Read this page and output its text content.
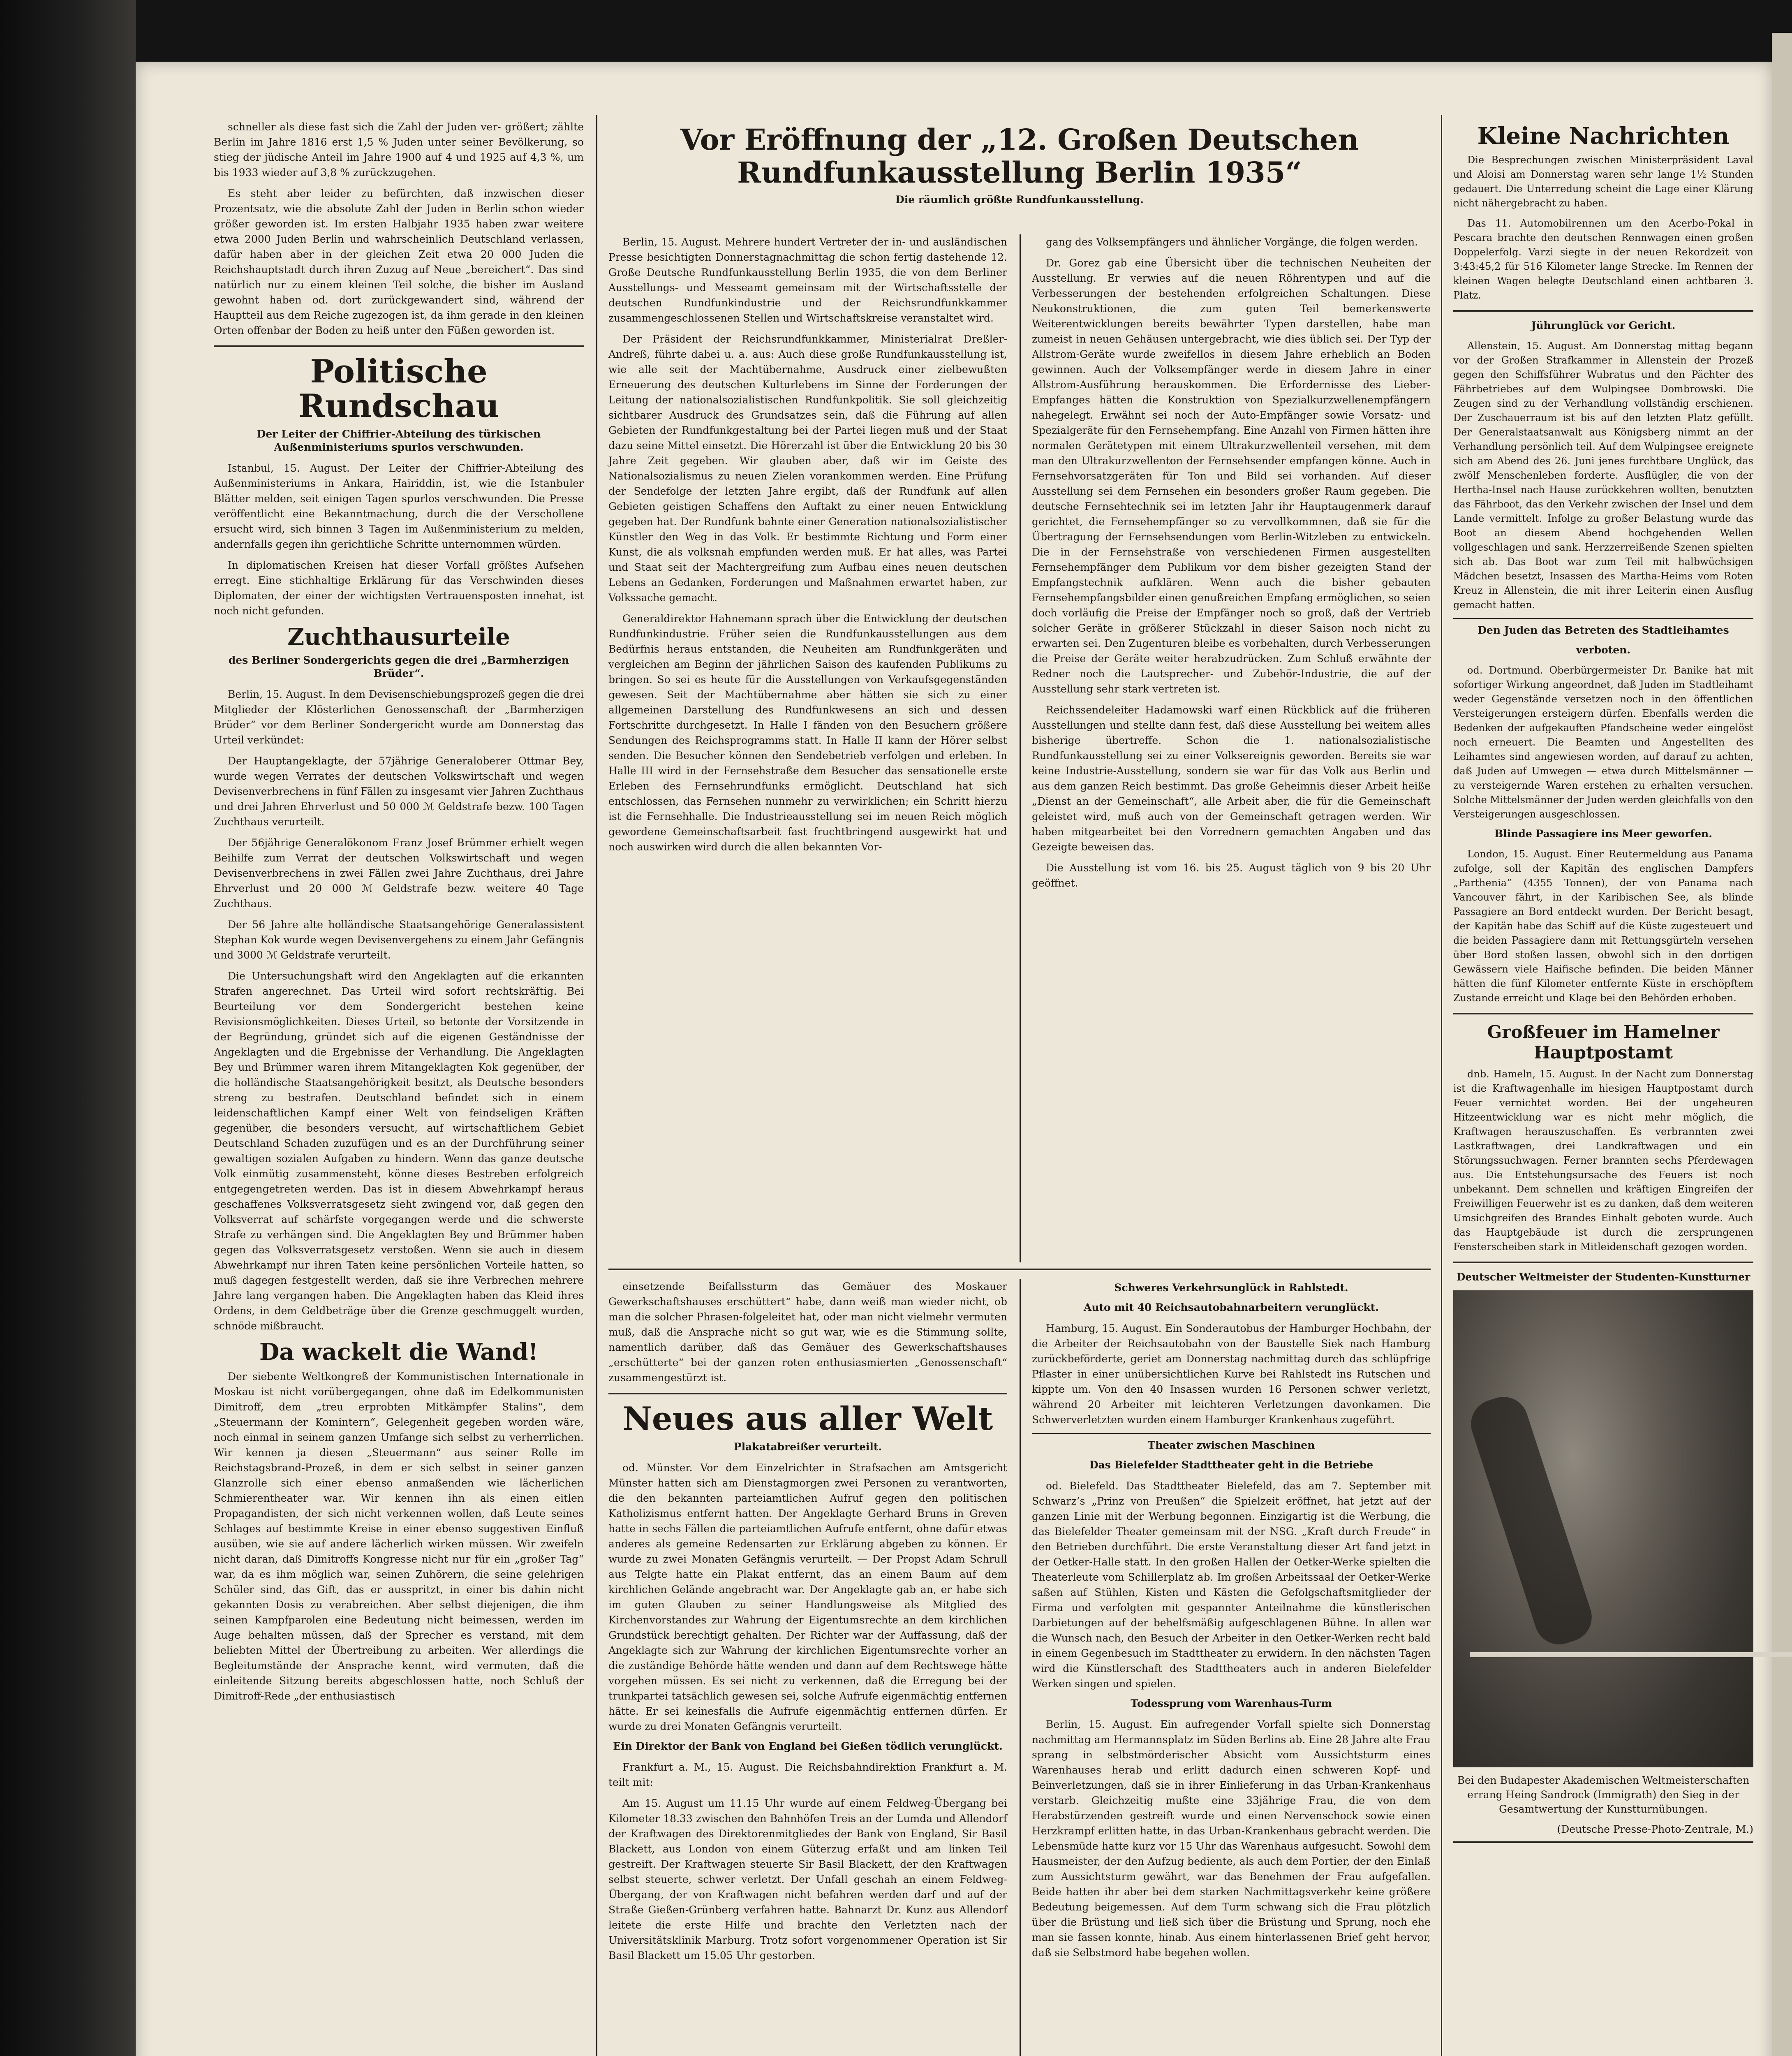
schneller als diese fast sich die Zahl der Juden ver- größert; zählte Berlin im Jahre 1816 erst 1,5 % Juden unter seiner Bevölkerung, so stieg der jüdische Anteil im Jahre 1900 auf 4 und 1925 auf 4,3 %, um bis 1933 wieder auf 3,8 % zurückzugehen.

Es steht aber leider zu befürchten, daß inzwischen dieser Prozentsatz, wie die absolute Zahl der Juden in Berlin schon wieder größer geworden ist. Im ersten Halbjahr 1935 haben zwar weitere etwa 2000 Juden Berlin und wahrscheinlich Deutschland verlassen, dafür haben aber in der gleichen Zeit etwa 20 000 Juden die Reichshauptstadt durch ihren Zuzug auf Neue „bereichert“. Das sind natürlich nur zu einem kleinen Teil solche, die bisher im Ausland gewohnt haben od. dort zurückgewandert sind, während der Hauptteil aus dem Reiche zugezogen ist, da ihm gerade in den kleinen Orten offenbar der Boden zu heiß unter den Füßen geworden ist.

Politische Rundschau
Der Leiter der Chiffrier-Abteilung des türkischen Außenministeriums spurlos verschwunden.

Istanbul, 15. August. Der Leiter der Chiffrier-Abteilung des Außenministeriums in Ankara, Hairiddin, ist, wie die Istanbuler Blätter melden, seit einigen Tagen spurlos verschwunden. Die Presse veröffentlicht eine Bekanntmachung, durch die der Verschollene ersucht wird, sich binnen 3 Tagen im Außenministerium zu melden, andernfalls gegen ihn gerichtliche Schritte unternommen würden.

In diplomatischen Kreisen hat dieser Vorfall größtes Aufsehen erregt. Eine stichhaltige Erklärung für das Verschwinden dieses Diplomaten, der einer der wichtigsten Vertrauensposten innehat, ist noch nicht gefunden.

Zuchthausurteile
des Berliner Sondergerichts gegen die drei „Barmherzigen Brüder“.

Berlin, 15. August. In dem Devisenschiebungsprozeß gegen die drei Mitglieder der Klösterlichen Genossenschaft der „Barmherzigen Brüder“ vor dem Berliner Sondergericht wurde am Donnerstag das Urteil verkündet:

Der Hauptangeklagte, der 57jährige Generaloberer Ottmar Bey, wurde wegen Verrates der deutschen Volkswirtschaft und wegen Devisenverbrechens in fünf Fällen zu insgesamt vier Jahren Zuchthaus und drei Jahren Ehrverlust und 50 000 ℳ Geldstrafe bezw. 100 Tagen Zuchthaus verurteilt.

Der 56jährige Generalökonom Franz Josef Brümmer erhielt wegen Beihilfe zum Verrat der deutschen Volkswirtschaft und wegen Devisenverbrechens in zwei Fällen zwei Jahre Zuchthaus, drei Jahre Ehrverlust und 20 000 ℳ Geldstrafe bezw. weitere 40 Tage Zuchthaus.

Der 56 Jahre alte holländische Staatsangehörige Generalassistent Stephan Kok wurde wegen Devisenvergehens zu einem Jahr Gefängnis und 3000 ℳ Geldstrafe verurteilt.

Die Untersuchungshaft wird den Angeklagten auf die erkannten Strafen angerechnet. Das Urteil wird sofort rechtskräftig. Bei Beurteilung vor dem Sondergericht bestehen keine Revisionsmöglichkeiten. Dieses Urteil, so betonte der Vorsitzende in der Begründung, gründet sich auf die eigenen Geständnisse der Angeklagten und die Ergebnisse der Verhandlung. Die Angeklagten Bey und Brümmer waren ihrem Mitangeklagten Kok gegenüber, der die holländische Staatsangehörigkeit besitzt, als Deutsche besonders streng zu bestrafen. Deutschland befindet sich in einem leidenschaftlichen Kampf einer Welt von feindseligen Kräften gegenüber, die besonders versucht, auf wirtschaftlichem Gebiet Deutschland Schaden zuzufügen und es an der Durchführung seiner gewaltigen sozialen Aufgaben zu hindern. Wenn das ganze deutsche Volk einmütig zusammensteht, könne dieses Bestreben erfolgreich entgegengetreten werden. Das ist in diesem Abwehrkampf heraus geschaffenes Volksverratsgesetz sieht zwingend vor, daß gegen den Volksverrat auf schärfste vorgegangen werde und die schwerste Strafe zu verhängen sind. Die Angeklagten Bey und Brümmer haben gegen das Volksverratsgesetz verstoßen. Wenn sie auch in diesem Abwehrkampf nur ihren Taten keine persönlichen Vorteile hatten, so muß dagegen festgestellt werden, daß sie ihre Verbrechen mehrere Jahre lang vergangen haben. Die Angeklagten haben das Kleid ihres Ordens, in dem Geldbeträge über die Grenze geschmuggelt wurden, schnöde mißbraucht.

Da wackelt die Wand!

Der siebente Weltkongreß der Kommunistischen Internationale in Moskau ist nicht vorübergegangen, ohne daß im Edelkommunisten Dimitroff, dem „treu erprobten Mitkämpfer Stalins“, dem „Steuermann der Komintern“, Gelegenheit gegeben worden wäre, noch einmal in seinem ganzen Umfange sich selbst zu verherrlichen. Wir kennen ja diesen „Steuermann“ aus seiner Rolle im Reichstagsbrand-Prozeß, in dem er sich selbst in seiner ganzen Glanzrolle sich einer ebenso anmaßenden wie lächerlichen Schmierentheater war. Wir kennen ihn als einen eitlen Propagandisten, der sich nicht verkennen wollen, daß Leute seines Schlages auf bestimmte Kreise in einer ebenso suggestiven Einfluß ausüben, wie sie auf andere lächerlich wirken müssen. Wir zweifeln nicht daran, daß Dimitroffs Kongresse nicht nur für ein „großer Tag“ war, da es ihm möglich war, seinen Zuhörern, die seine gelehrigen Schüler sind, das Gift, das er ausspritzt, in einer bis dahin nicht gekannten Dosis zu verabreichen. Aber selbst diejenigen, die ihm seinen Kampfparolen eine Bedeutung nicht beimessen, werden im Auge behalten müssen, daß der Sprecher es verstand, mit dem beliebten Mittel der Übertreibung zu arbeiten. Wer allerdings die Begleitumstände der Ansprache kennt, wird vermuten, daß die einleitende Sitzung bereits abgeschlossen hatte, noch Schluß der Dimitroff-Rede „der enthusiastisch

Vor Eröffnung der „12. Großen Deutschen Rundfunkausstellung Berlin 1935“
Die räumlich größte Rundfunkausstellung.

Berlin, 15. August. Mehrere hundert Vertreter der in- und ausländischen Presse besichtigten Donnerstagnachmittag die schon fertig dastehende 12. Große Deutsche Rundfunkausstellung Berlin 1935, die von dem Berliner Ausstellungs- und Messeamt gemeinsam mit der Wirtschaftsstelle der deutschen Rundfunkindustrie und der Reichsrundfunkkammer zusammengeschlossenen Stellen und Wirtschaftskreise veranstaltet wird.

Der Präsident der Reichsrundfunkkammer, Ministerialrat Dreßler-Andreß, führte dabei u. a. aus: Auch diese große Rundfunkausstellung ist, wie alle seit der Machtübernahme, Ausdruck einer zielbewußten Erneuerung des deutschen Kulturlebens im Sinne der Forderungen der Leitung der nationalsozialistischen Rundfunkpolitik. Sie soll gleichzeitig sichtbarer Ausdruck des Grundsatzes sein, daß die Führung auf allen Gebieten der Rundfunkgestaltung bei der Partei liegen muß und der Staat dazu seine Mittel einsetzt. Die Hörerzahl ist über die Entwicklung 20 bis 30 Jahre Zeit gegeben. Wir glauben aber, daß wir im Geiste des Nationalsozialismus zu neuen Zielen vorankommen werden. Eine Prüfung der Sendefolge der letzten Jahre ergibt, daß der Rundfunk auf allen Gebieten geistigen Schaffens den Auftakt zu einer neuen Entwicklung gegeben hat. Der Rundfunk bahnte einer Generation nationalsozialistischer Künstler den Weg in das Volk. Er bestimmte Richtung und Form einer Kunst, die als volksnah empfunden werden muß. Er hat alles, was Partei und Staat seit der Machtergreifung zum Aufbau eines neuen deutschen Lebens an Gedanken, Forderungen und Maßnahmen erwartet haben, zur Volkssache gemacht.

Generaldirektor Hahnemann sprach über die Entwicklung der deutschen Rundfunkindustrie. Früher seien die Rundfunkausstellungen aus dem Bedürfnis heraus entstanden, die Neuheiten am Rundfunkgeräten und vergleichen am Beginn der jährlichen Saison des kaufenden Publikums zu bringen. So sei es heute für die Ausstellungen von Verkaufsgegenständen gewesen. Seit der Machtübernahme aber hätten sie sich zu einer allgemeinen Darstellung des Rundfunkwesens an sich und dessen Fortschritte durchgesetzt. In Halle I fänden von den Besuchern größere Sendungen des Reichsprogramms statt. In Halle II kann der Hörer selbst senden. Die Besucher können den Sendebetrieb verfolgen und erleben. In Halle III wird in der Fernsehstraße dem Besucher das sensationelle erste Erleben des Fernsehrundfunks ermöglicht. Deutschland hat sich entschlossen, das Fernsehen nunmehr zu verwirklichen; ein Schritt hierzu ist die Fernsehhalle. Die Industrieausstellung sei im neuen Reich möglich gewordene Gemeinschaftsarbeit fast fruchtbringend ausgewirkt hat und noch auswirken wird durch die allen bekannten Vor-

gang des Volksempfängers und ähnlicher Vorgänge, die folgen werden.

Dr. Gorez gab eine Übersicht über die technischen Neuheiten der Ausstellung. Er verwies auf die neuen Röhrentypen und auf die Verbesserungen der bestehenden erfolgreichen Schaltungen. Diese Neukonstruktionen, die zum guten Teil bemerkenswerte Weiterentwicklungen bereits bewährter Typen darstellen, habe man zumeist in neuen Gehäusen untergebracht, wie dies üblich sei. Der Typ der Allstrom-Geräte wurde zweifellos in diesem Jahre erheblich an Boden gewinnen. Auch der Volksempfänger werde in diesem Jahre in einer Allstrom-Ausführung herauskommen. Die Erfordernisse des Lieber-Empfanges hätten die Konstruktion von Spezialkurzwellenempfängern nahegelegt. Erwähnt sei noch der Auto-Empfänger sowie Vorsatz- und Spezialgeräte für den Fernsehempfang. Eine Anzahl von Firmen hätten ihre normalen Gerätetypen mit einem Ultrakurzwellenteil versehen, mit dem man den Ultrakurzwellenton der Fernsehsender empfangen könne. Auch in Fernsehvorsatzgeräten für Ton und Bild sei vorhanden. Auf dieser Ausstellung sei dem Fernsehen ein besonders großer Raum gegeben. Die deutsche Fernsehtechnik sei im letzten Jahr ihr Hauptaugenmerk darauf gerichtet, die Fernsehempfänger so zu vervollkommnen, daß sie für die Übertragung der Fernsehsendungen vom Berlin-Witzleben zu entwickeln. Die in der Fernsehstraße von verschiedenen Firmen ausgestellten Fernsehempfänger dem Publikum vor dem bisher gezeigten Stand der Empfangstechnik aufklären. Wenn auch die bisher gebauten Fernsehempfangsbilder einen genußreichen Empfang ermöglichen, so seien doch vorläufig die Preise der Empfänger noch so groß, daß der Vertrieb solcher Geräte in größerer Stückzahl in dieser Saison noch nicht zu erwarten sei. Den Zugenturen bleibe es vorbehalten, durch Verbesserungen die Preise der Geräte weiter herabzudrücken. Zum Schluß erwähnte der Redner noch die Lautsprecher- und Zubehör-Industrie, die auf der Ausstellung sehr stark vertreten ist.

Reichssendeleiter Hadamowski warf einen Rückblick auf die früheren Ausstellungen und stellte dann fest, daß diese Ausstellung bei weitem alles bisherige übertreffe. Schon die 1. nationalsozialistische Rundfunkausstellung sei zu einer Volksereignis geworden. Bereits sie war keine Industrie-Ausstellung, sondern sie war für das Volk aus Berlin und aus dem ganzen Reich bestimmt. Das große Geheimnis dieser Arbeit heiße „Dienst an der Gemeinschaft“, alle Arbeit aber, die für die Gemeinschaft geleistet wird, muß auch von der Gemeinschaft getragen werden. Wir haben mitgearbeitet bei den Vorrednern gemachten Angaben und das Gezeigte beweisen das.

Die Ausstellung ist vom 16. bis 25. August täglich von 9 bis 20 Uhr geöffnet.

einsetzende Beifallssturm das Gemäuer des Moskauer Gewerkschaftshauses erschüttert“ habe, dann weiß man wieder nicht, ob man die solcher Phrasen-folgeleitet hat, oder man nicht vielmehr vermuten muß, daß die Ansprache nicht so gut war, wie es die Stimmung sollte, namentlich darüber, daß das Gemäuer des Gewerkschaftshauses „erschütterte“ bei der ganzen roten enthusiasmierten „Genossenschaft“ zusammengestürzt ist.

Neues aus aller Welt
Plakatabreißer verurteilt.

od. Münster. Vor dem Einzelrichter in Strafsachen am Amtsgericht Münster hatten sich am Dienstagmorgen zwei Personen zu verantworten, die den bekannten parteiamtlichen Aufruf gegen den politischen Katholizismus entfernt hatten. Der Angeklagte Gerhard Bruns in Greven hatte in sechs Fällen die parteiamtlichen Aufrufe entfernt, ohne dafür etwas anderes als gemeine Redensarten zur Erklärung abgeben zu können. Er wurde zu zwei Monaten Gefängnis verurteilt. — Der Propst Adam Schrull aus Telgte hatte ein Plakat entfernt, das an einem Baum auf dem kirchlichen Gelände angebracht war. Der Angeklagte gab an, er habe sich im guten Glauben zu seiner Handlungsweise als Mitglied des Kirchenvorstandes zur Wahrung der Eigentumsrechte an dem kirchlichen Grundstück berechtigt gehalten. Der Richter war der Auffassung, daß der Angeklagte sich zur Wahrung der kirchlichen Eigentumsrechte vorher an die zuständige Behörde hätte wenden und dann auf dem Rechtswege hätte vorgehen müssen. Es sei nicht zu verkennen, daß die Erregung bei der trunkpartei tatsächlich gewesen sei, solche Aufrufe eigenmächtig entfernen hätte. Er sei keinesfalls die Aufrufe eigenmächtig entfernen dürfen. Er wurde zu drei Monaten Gefängnis verurteilt.

Ein Direktor der Bank von England bei Gießen tödlich verunglückt.

Frankfurt a. M., 15. August. Die Reichsbahndirektion Frankfurt a. M. teilt mit:

Am 15. August um 11.15 Uhr wurde auf einem Feldweg-Übergang bei Kilometer 18.33 zwischen den Bahnhöfen Treis an der Lumda und Allendorf der Kraftwagen des Direktorenmitgliedes der Bank von England, Sir Basil Blackett, aus London von einem Güterzug erfaßt und am linken Teil gestreift. Der Kraftwagen steuerte Sir Basil Blackett, der den Kraftwagen selbst steuerte, schwer verletzt. Der Unfall geschah an einem Feldweg-Übergang, der von Kraftwagen nicht befahren werden darf und auf der Straße Gießen-Grünberg verfahren hatte. Bahnarzt Dr. Kunz aus Allendorf leitete die erste Hilfe und brachte den Verletzten nach der Universitätsklinik Marburg. Trotz sofort vorgenommener Operation ist Sir Basil Blackett um 15.05 Uhr gestorben.

Schweres Verkehrsunglück in Rahlstedt.
Auto mit 40 Reichsautobahnarbeitern verunglückt.

Hamburg, 15. August. Ein Sonderautobus der Hamburger Hochbahn, der die Arbeiter der Reichsautobahn von der Baustelle Siek nach Hamburg zurückbeförderte, geriet am Donnerstag nachmittag durch das schlüpfrige Pflaster in einer unübersichtlichen Kurve bei Rahlstedt ins Rutschen und kippte um. Von den 40 Insassen wurden 16 Personen schwer verletzt, während 20 Arbeiter mit leichteren Verletzungen davonkamen. Die Schwerverletzten wurden einem Hamburger Krankenhaus zugeführt.

Theater zwischen Maschinen
Das Bielefelder Stadttheater geht in die Betriebe

od. Bielefeld. Das Stadttheater Bielefeld, das am 7. September mit Schwarz’s „Prinz von Preußen“ die Spielzeit eröffnet, hat jetzt auf der ganzen Linie mit der Werbung begonnen. Einzigartig ist die Werbung, die das Bielefelder Theater gemeinsam mit der NSG. „Kraft durch Freude“ in den Betrieben durchführt. Die erste Veranstaltung dieser Art fand jetzt in der Oetker-Halle statt. In den großen Hallen der Oetker-Werke spielten die Theaterleute vom Schillerplatz ab. Im großen Arbeitssaal der Oetker-Werke saßen auf Stühlen, Kisten und Kästen die Gefolgschaftsmitglieder der Firma und verfolgten mit gespannter Anteilnahme die künstlerischen Darbietungen auf der behelfsmäßig aufgeschlagenen Bühne. In allen war die Wunsch nach, den Besuch der Arbeiter in den Oetker-Werken recht bald in einem Gegenbesuch im Stadttheater zu erwidern. In den nächsten Tagen wird die Künstlerschaft des Stadttheaters auch in anderen Bielefelder Werken singen und spielen.

Todessprung vom Warenhaus-Turm

Berlin, 15. August. Ein aufregender Vorfall spielte sich Donnerstag nachmittag am Hermannsplatz im Süden Berlins ab. Eine 28 Jahre alte Frau sprang in selbstmörderischer Absicht vom Aussichtsturm eines Warenhauses herab und erlitt dadurch einen schweren Kopf- und Beinverletzungen, daß sie in ihrer Einlieferung in das Urban-Krankenhaus verstarb. Gleichzeitig mußte eine 33jährige Frau, die von dem Herabstürzenden gestreift wurde und einen Nervenschock sowie einen Herzkrampf erlitten hatte, in das Urban-Krankenhaus gebracht werden. Die Lebensmüde hatte kurz vor 15 Uhr das Warenhaus aufgesucht. Sowohl dem Hausmeister, der den Aufzug bediente, als auch dem Portier, der den Einlaß zum Aussichtsturm gewährt, war das Benehmen der Frau aufgefallen. Beide hatten ihr aber bei dem starken Nachmittagsverkehr keine größere Bedeutung beigemessen. Auf dem Turm schwang sich die Frau plötzlich über die Brüstung und ließ sich über die Brüstung und Sprung, noch ehe man sie fassen konnte, hinab. Aus einem hinterlassenen Brief geht hervor, daß sie Selbstmord habe begehen wollen.

Kleine Nachrichten

Die Besprechungen zwischen Ministerpräsident Laval und Aloisi am Donnerstag waren sehr lange 1½ Stunden gedauert. Die Unterredung scheint die Lage einer Klärung nicht nähergebracht zu haben.

Das 11. Automobilrennen um den Acerbo-Pokal in Pescara brachte den deutschen Rennwagen einen großen Doppelerfolg. Varzi siegte in der neuen Rekordzeit von 3:43:45,2 für 516 Kilometer lange Strecke. Im Rennen der kleinen Wagen belegte Deutschland einen achtbaren 3. Platz.

Jührunglück vor Gericht.

Allenstein, 15. August. Am Donnerstag mittag begann vor der Großen Strafkammer in Allenstein der Prozeß gegen den Schiffsführer Wubratus und den Pächter des Fährbetriebes auf dem Wulpingsee Dombrowski. Die Zeugen sind zu der Verhandlung vollständig erschienen. Der Zuschauerraum ist bis auf den letzten Platz gefüllt. Der Generalstaatsanwalt aus Königsberg nimmt an der Verhandlung persönlich teil. Auf dem Wulpingsee ereignete sich am Abend des 26. Juni jenes furchtbare Unglück, das zwölf Menschenleben forderte. Ausflügler, die von der Hertha-Insel nach Hause zurückkehren wollten, benutzten das Fährboot, das den Verkehr zwischen der Insel und dem Lande vermittelt. Infolge zu großer Belastung wurde das Boot an diesem Abend hochgehenden Wellen vollgeschlagen und sank. Herzzerreißende Szenen spielten sich ab. Das Boot war zum Teil mit halbwüchsigen Mädchen besetzt, Insassen des Martha-Heims vom Roten Kreuz in Allenstein, die mit ihrer Leiterin einen Ausflug gemacht hatten.

Den Juden das Betreten des Stadtleihamtes
verboten.

od. Dortmund. Oberbürgermeister Dr. Banike hat mit sofortiger Wirkung angeordnet, daß Juden im Stadtleihamt weder Gegenstände versetzen noch in den öffentlichen Versteigerungen ersteigern dürfen. Ebenfalls werden die Bedenken der aufgekauften Pfandscheine weder eingelöst noch erneuert. Die Beamten und Angestellten des Leihamtes sind angewiesen worden, auf darauf zu achten, daß Juden auf Umwegen — etwa durch Mittelsmänner — zu versteigernde Waren erstehen zu erhalten versuchen. Solche Mittelsmänner der Juden werden gleichfalls von den Versteigerungen ausgeschlossen.

Blinde Passagiere ins Meer geworfen.

London, 15. August. Einer Reutermeldung aus Panama zufolge, soll der Kapitän des englischen Dampfers „Parthenia“ (4355 Tonnen), der von Panama nach Vancouver fährt, in der Karibischen See, als blinde Passagiere an Bord entdeckt wurden. Der Bericht besagt, der Kapitän habe das Schiff auf die Küste zugesteuert und die beiden Passagiere dann mit Rettungsgürteln versehen über Bord stoßen lassen, obwohl sich in den dortigen Gewässern viele Haifische befinden. Die beiden Männer hätten die fünf Kilometer entfernte Küste in erschöpftem Zustande erreicht und Klage bei den Behörden erhoben.

Großfeuer im Hamelner Hauptpostamt

dnb. Hameln, 15. August. In der Nacht zum Donnerstag ist die Kraftwagenhalle im hiesigen Hauptpostamt durch Feuer vernichtet worden. Bei der ungeheuren Hitzeentwicklung war es nicht mehr möglich, die Kraftwagen herauszuschaffen. Es verbrannten zwei Lastkraftwagen, drei Landkraftwagen und ein Störungssuchwagen. Ferner brannten sechs Pferdewagen aus. Die Entstehungsursache des Feuers ist noch unbekannt. Dem schnellen und kräftigen Eingreifen der Freiwilligen Feuerwehr ist es zu danken, daß dem weiteren Umsichgreifen des Brandes Einhalt geboten wurde. Auch das Hauptgebäude ist durch die zersprungenen Fensterscheiben stark in Mitleidenschaft gezogen worden.

Deutscher Weltmeister der Studenten-Kunstturner
Bei den Budapester Akademischen Weltmeisterschaften errang Heing Sandrock (Immigrath) den Sieg in der Gesamtwertung der Kunstturnübungen.
(Deutsche Presse-Photo-Zentrale, M.)
